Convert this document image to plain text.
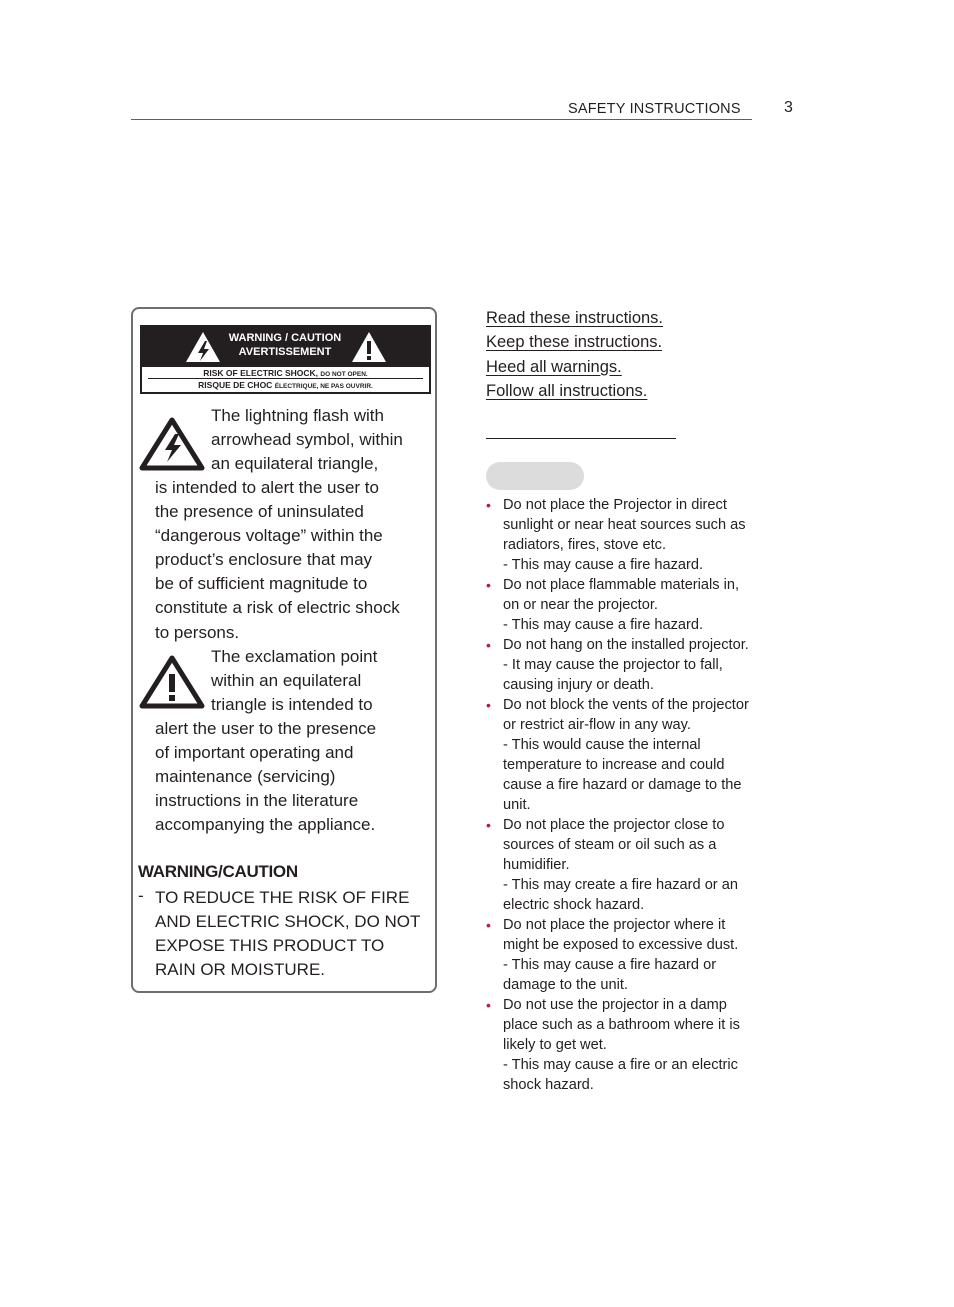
SAFETY INSTRUCTIONS	3
WARNING / CAUTION
AVERTISSEMENT
RISK OF ELECTRIC SHOCK, DO NOT OPEN.
RISQUE DE CHOC ÉLECTRIQUE, NE PAS OUVRIR.
The lightning flash with
arrowhead symbol, within
an equilateral triangle,
is intended to alert the user to
the presence of uninsulated
“dangerous voltage” within the
product’s enclosure that may
be of sufficient magnitude to
constitute a risk of electric shock
to persons.
The exclamation point
within an equilateral
triangle is intended to
alert the user to the presence
of important operating and
maintenance (servicing)
instructions in the literature
accompanying the appliance.
WARNING/CAUTION
- TO REDUCE THE RISK OF FIRE
AND ELECTRIC SHOCK, DO NOT
EXPOSE THIS PRODUCT TO
RAIN OR MOISTURE.
Read these instructions.
Keep these instructions.
Heed all warnings.
Follow all instructions.
• Do not place the Projector in direct
sunlight or near heat sources such as
radiators, fires, stove etc.
- This may cause a fire hazard.
• Do not place flammable materials in,
on or near the projector.
- This may cause a fire hazard.
• Do not hang on the installed projector.
- It may cause the projector to fall,
causing injury or death.
• Do not block the vents of the projector
or restrict air-flow in any way.
- This would cause the internal
temperature to increase and could
cause a fire hazard or damage to the
unit.
• Do not place the projector close to
sources of steam or oil such as a
humidifier.
- This may create a fire hazard or an
electric shock hazard.
• Do not place the projector where it
might be exposed to excessive dust.
- This may cause a fire hazard or
damage to the unit.
• Do not use the projector in a damp
place such as a bathroom where it is
likely to get wet.
- This may cause a fire or an electric
shock hazard.
